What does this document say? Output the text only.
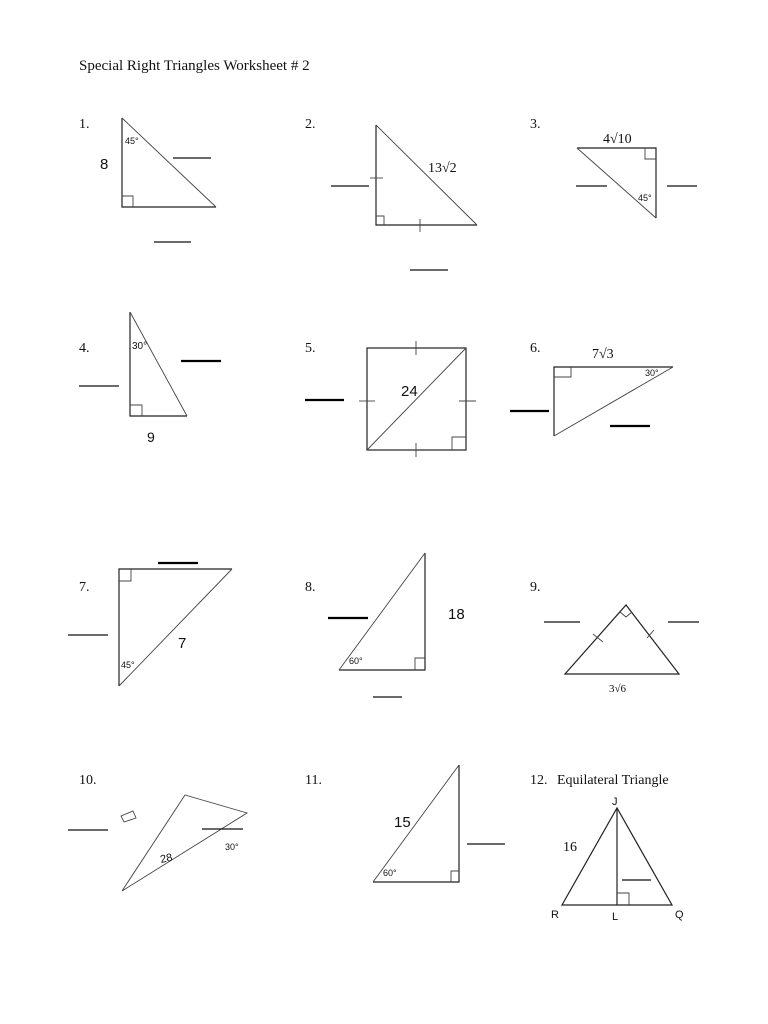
Special Right Triangles Worksheet # 2
1.	2.	3.
4.	5.	6.
7.	8.	9.
10.	11.	12. Equilateral Triangle
45°
8	13√2
4√10
45°
30°
9
24
7√3
30°
45°
7
60°
18
3√6
28
30°
60°
15
16
J
R	L	Q
